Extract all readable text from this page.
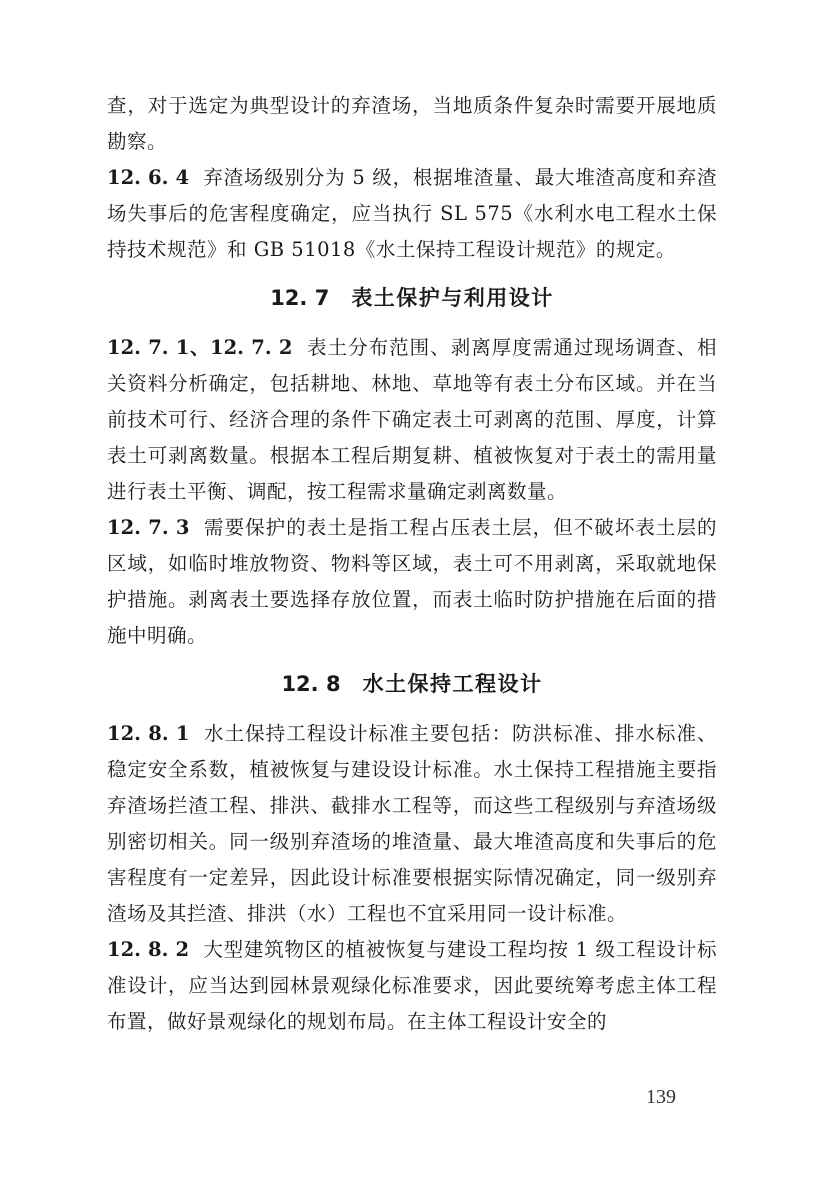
查，对于选定为典型设计的弃渣场，当地质条件复杂时需要开展地质勘察。

12. 6. 4 弃渣场级别分为 5 级，根据堆渣量、最大堆渣高度和弃渣场失事后的危害程度确定，应当执行 SL 575《水利水电工程水土保持技术规范》和 GB 51018《水土保持工程设计规范》的规定。

12. 7 表土保护与利用设计

12. 7. 1、12. 7. 2 表土分布范围、剥离厚度需通过现场调查、相关资料分析确定，包括耕地、林地、草地等有表土分布区域。并在当前技术可行、经济合理的条件下确定表土可剥离的范围、厚度，计算表土可剥离数量。根据本工程后期复耕、植被恢复对于表土的需用量进行表土平衡、调配，按工程需求量确定剥离数量。

12. 7. 3 需要保护的表土是指工程占压表土层，但不破坏表土层的区域，如临时堆放物资、物料等区域，表土可不用剥离，采取就地保护措施。剥离表土要选择存放位置，而表土临时防护措施在后面的措施中明确。

12. 8 水土保持工程设计

12. 8. 1 水土保持工程设计标准主要包括：防洪标准、排水标准、稳定安全系数，植被恢复与建设设计标准。水土保持工程措施主要指弃渣场拦渣工程、排洪、截排水工程等，而这些工程级别与弃渣场级别密切相关。同一级别弃渣场的堆渣量、最大堆渣高度和失事后的危害程度有一定差异，因此设计标准要根据实际情况确定，同一级别弃渣场及其拦渣、排洪（水）工程也不宜采用同一设计标准。

12. 8. 2 大型建筑物区的植被恢复与建设工程均按 1 级工程设计标准设计，应当达到园林景观绿化标准要求，因此要统筹考虑主体工程布置，做好景观绿化的规划布局。在主体工程设计安全的

139
